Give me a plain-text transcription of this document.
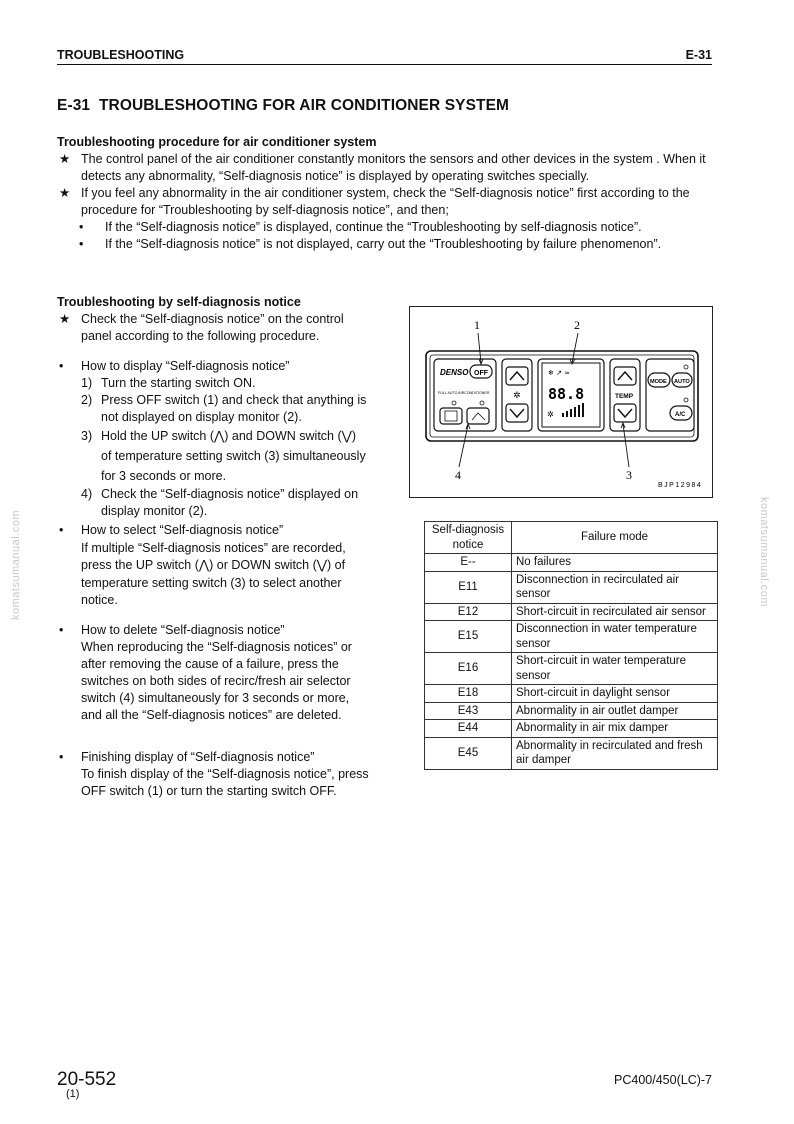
TROUBLESHOOTING	E-31
E-31  TROUBLESHOOTING FOR AIR CONDITIONER SYSTEM
Troubleshooting procedure for air conditioner system
★ The control panel of the air conditioner constantly monitors the sensors and other devices in the system . When it detects any abnormality, “Self-diagnosis notice” is displayed by operating switches specially.
★ If you feel any abnormality in the air conditioner system, check the “Self-diagnosis notice” first according to the procedure for “Troubleshooting by self-diagnosis notice”, and then;
• If the “Self-diagnosis notice” is displayed, continue the “Troubleshooting by self-diagnosis notice”.
• If the “Self-diagnosis notice” is not displayed, carry out the “Troubleshooting by failure phenomenon”.
Troubleshooting by self-diagnosis notice
★ Check the “Self-diagnosis notice” on the control panel according to the following procedure.
• How to display “Self-diagnosis notice”
1) Turn the starting switch ON.
2) Press OFF switch (1) and check that anything is not displayed on display monitor (2).
3) Hold the UP switch (⋀) and DOWN switch (⋁) of temperature setting switch (3) simultaneously for 3 seconds or more.
4) Check the “Self-diagnosis notice” displayed on display monitor (2).
• How to select “Self-diagnosis notice”
If multiple “Self-diagnosis notices” are recorded, press the UP switch (⋀) or DOWN switch (⋁) of temperature setting switch (3) to select another notice.
• How to delete “Self-diagnosis notice”
When reproducing the “Self-diagnosis notices” or after removing the cause of a failure, press the switches on both sides of recirc/fresh air selector switch (4) simultaneously for 3 seconds or more, and all the “Self-diagnosis notices” are deleted.
• Finishing display of “Self-diagnosis notice”
To finish display of the “Self-diagnosis notice”, press OFF switch (1) or turn the starting switch OFF.
DENSO OFF
FULL AUTO AIRCONDITIONER	✲
❄ ↗ ≈
88.8
✲
TEMP
MODE AUTO
A/C
1	2
3
4
BJP12984
Self-diagnosis notice	Failure mode
E--	No failures
E11	Disconnection in recirculated air sensor
E12	Short-circuit in recirculated air sensor
E15	Disconnection in water temperature sensor
E16	Short-circuit in water temperature sensor
E18	Short-circuit in daylight sensor
E43	Abnormality in air outlet damper
E44	Abnormality in air mix damper
E45	Abnormality in recirculated and fresh air damper
komatsumanual.com	komatsumanual.com
20-552
(1)
PC400/450(LC)-7
